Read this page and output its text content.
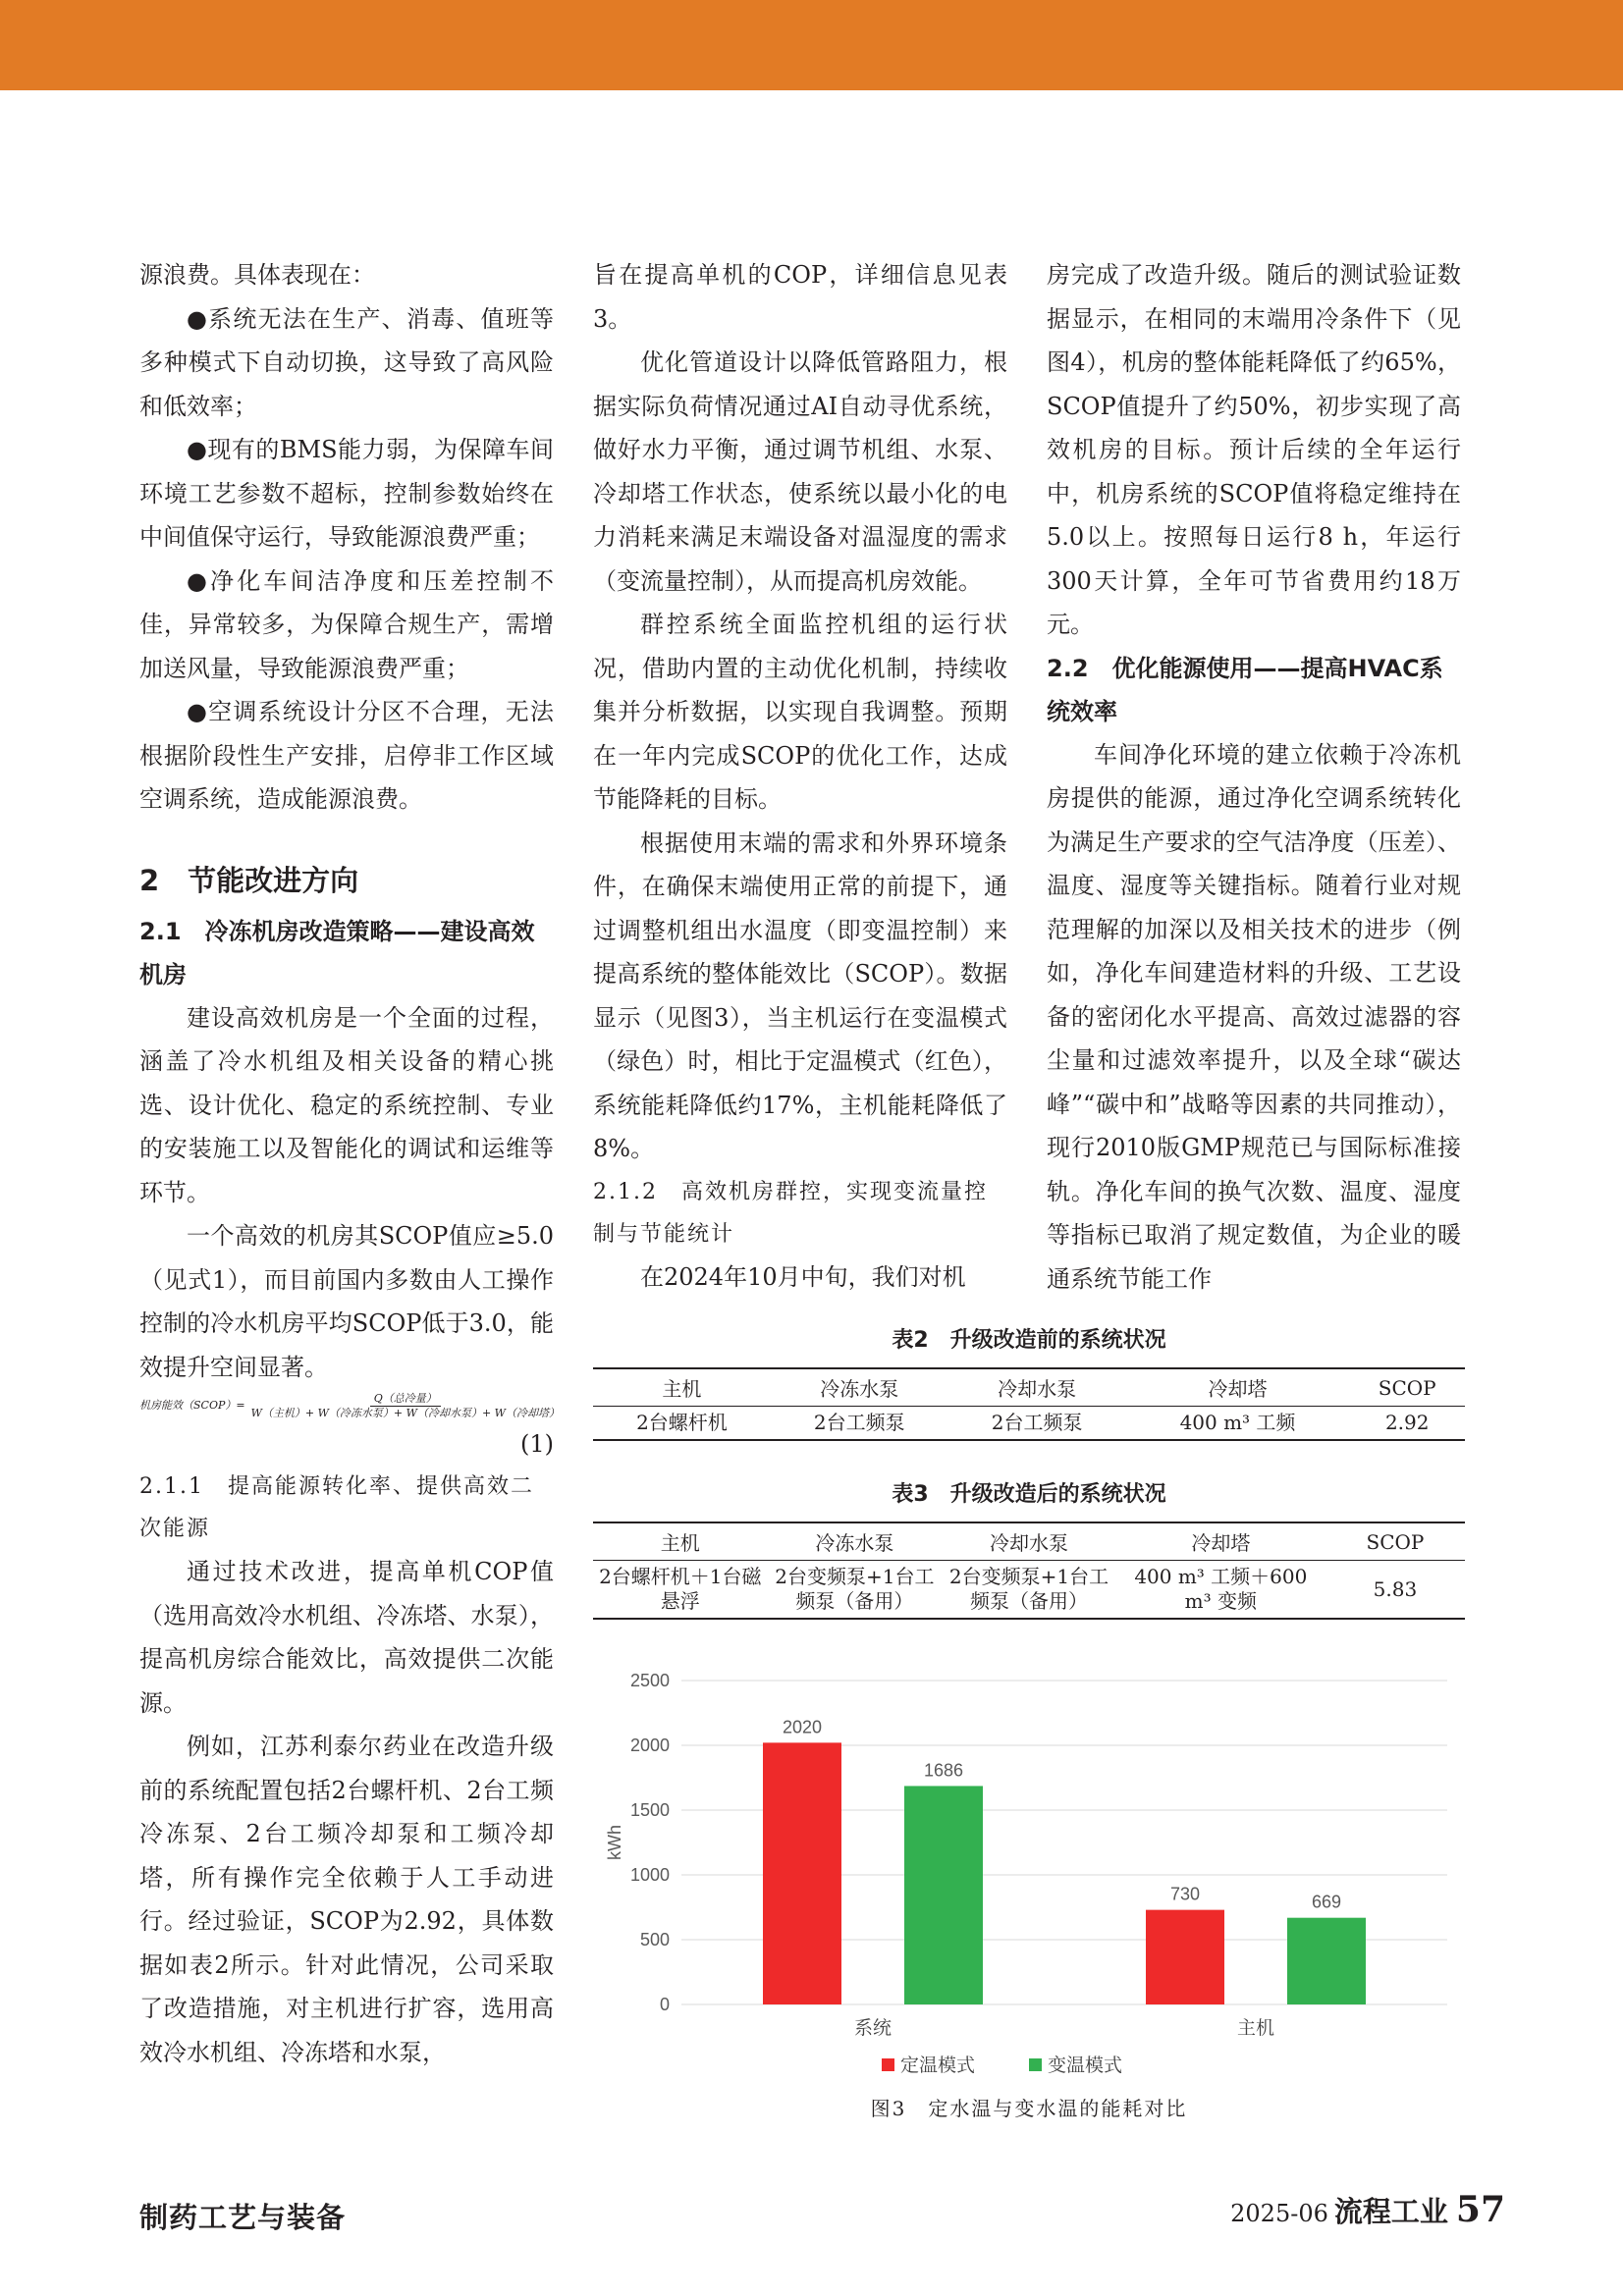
源浪费。具体表现在：

●系统无法在生产、消毒、值班等多种模式下自动切换，这导致了高风险和低效率；

●现有的BMS能力弱，为保障车间环境工艺参数不超标，控制参数始终在中间值保守运行，导致能源浪费严重；

●净化车间洁净度和压差控制不佳，异常较多，为保障合规生产，需增加送风量，导致能源浪费严重；

●空调系统设计分区不合理，无法根据阶段性生产安排，启停非工作区域空调系统，造成能源浪费。

2　节能改进方向
2.1　冷冻机房改造策略——建设高效机房

建设高效机房是一个全面的过程，涵盖了冷水机组及相关设备的精心挑选、设计优化、稳定的系统控制、专业的安装施工以及智能化的调试和运维等环节。

一个高效的机房其SCOP值应≥5.0（见式1），而目前国内多数由人工操作控制的冷水机房平均SCOP低于3.0，能效提升空间显著。

机房能效（SCOP）= $\frac{\text{Q（总冷量）}}{\text{W（主机）+ W（冷冻水泵）+ W（冷却水泵）+ W（冷却塔）}}$
(1)
2.1.1　提高能源转化率、提供高效二次能源

通过技术改进，提高单机COP值（选用高效冷水机组、冷冻塔、水泵），提高机房综合能效比，高效提供二次能源。

例如，江苏利泰尔药业在改造升级前的系统配置包括2台螺杆机、2台工频冷冻泵、2台工频冷却泵和工频冷却塔，所有操作完全依赖于人工手动进行。经过验证，SCOP为2.92，具体数据如表2所示。针对此情况，公司采取了改造措施，对主机进行扩容，选用高效冷水机组、冷冻塔和水泵，

旨在提高单机的COP，详细信息见表3。

优化管道设计以降低管路阻力，根据实际负荷情况通过AI自动寻优系统，做好水力平衡，通过调节机组、水泵、冷却塔工作状态，使系统以最小化的电力消耗来满足末端设备对温湿度的需求（变流量控制），从而提高机房效能。

群控系统全面监控机组的运行状况，借助内置的主动优化机制，持续收集并分析数据，以实现自我调整。预期在一年内完成SCOP的优化工作，达成节能降耗的目标。

根据使用末端的需求和外界环境条件，在确保末端使用正常的前提下，通过调整机组出水温度（即变温控制）来提高系统的整体能效比（SCOP）。数据显示（见图3），当主机运行在变温模式（绿色）时，相比于定温模式（红色），系统能耗降低约17%，主机能耗降低了8%。

2.1.2　高效机房群控，实现变流量控制与节能统计

在2024年10月中旬，我们对机

房完成了改造升级。随后的测试验证数据显示，在相同的末端用冷条件下（见图4），机房的整体能耗降低了约65%，SCOP值提升了约50%，初步实现了高效机房的目标。预计后续的全年运行中，机房系统的SCOP值将稳定维持在5.0以上。按照每日运行8 h，年运行300天计算，全年可节省费用约18万元。

2.2　优化能源使用——提高HVAC系统效率

车间净化环境的建立依赖于冷冻机房提供的能源，通过净化空调系统转化为满足生产要求的空气洁净度（压差）、温度、湿度等关键指标。随着行业对规范理解的加深以及相关技术的进步（例如，净化车间建造材料的升级、工艺设备的密闭化水平提高、高效过滤器的容尘量和过滤效率提升，以及全球“碳达峰”“碳中和”战略等因素的共同推动），现行2010版GMP规范已与国际标准接轨。净化车间的换气次数、温度、湿度等指标已取消了规定数值，为企业的暖通系统节能工作

表2　升级改造前的系统状况
主机	冷冻水泵	冷却水泵	冷却塔	SCOP
2台螺杆机	2台工频泵	2台工频泵	400 m³ 工频	2.92
表3　升级改造后的系统状况
主机	冷冻水泵	冷却水泵	冷却塔	SCOP
2台螺杆机＋1台磁悬浮	2台变频泵+1台工频泵（备用）	2台变频泵+1台工频泵（备用）	400 m³ 工频＋600 m³ 变频	5.83
0
500
1000
1500
2000
2500
kWh
2020
1686
系统
730	669
主机
定温模式	变温模式
图3　定水温与变水温的能耗对比
制药工艺与装备	2025-06 流程工业 57
